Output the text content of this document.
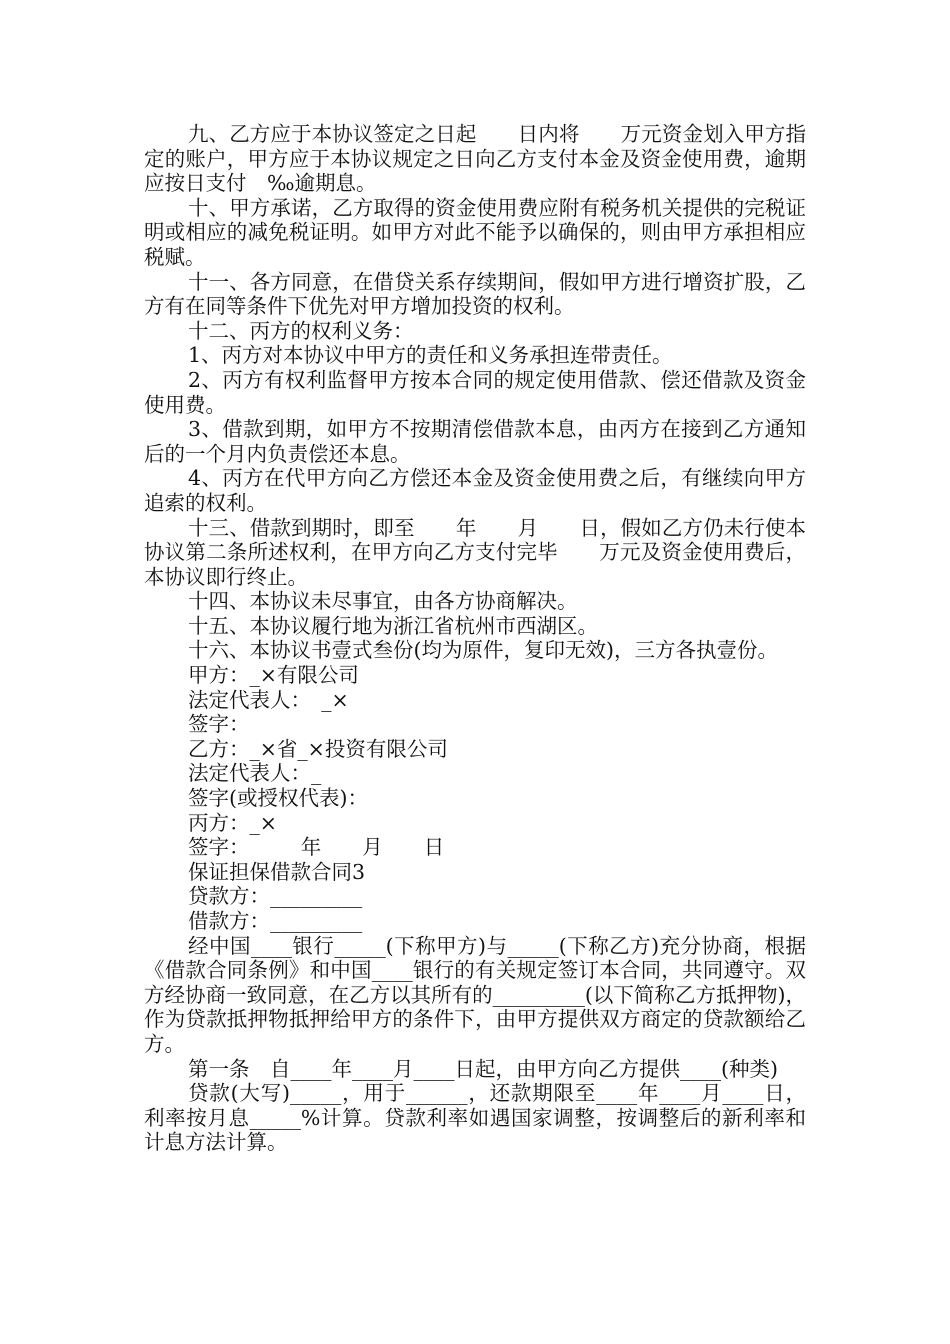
九、乙方应于本协议签定之日起　　日内将　　万元资金划入甲方指定的账户，甲方应于本协议规定之日向乙方支付本金及资金使用费，逾期应按日支付　‰逾期息。

十、甲方承诺，乙方取得的资金使用费应附有税务机关提供的完税证明或相应的减免税证明。如甲方对此不能予以确保的，则由甲方承担相应税赋。

十一、各方同意，在借贷关系存续期间，假如甲方进行增资扩股，乙方有在同等条件下优先对甲方增加投资的权利。

十二、丙方的权利义务：

1、丙方对本协议中甲方的责任和义务承担连带责任。

2、丙方有权利监督甲方按本合同的规定使用借款、偿还借款及资金使用费。

3、借款到期，如甲方不按期清偿借款本息，由丙方在接到乙方通知后的一个月内负责偿还本息。

4、丙方在代甲方向乙方偿还本金及资金使用费之后，有继续向甲方追索的权利。

十三、借款到期时，即至　　年　　月　　日，假如乙方仍未行使本协议第二条所述权利，在甲方向乙方支付完毕　　万元及资金使用费后，本协议即行终止。

十四、本协议未尽事宜，由各方协商解决。

十五、本协议履行地为浙江省杭州市西湖区。

十六、本协议书壹式叁份(均为原件，复印无效)，三方各执壹份。

甲方：_×有限公司

法定代表人：　_×

签字：

乙方：_×省_×投资有限公司

法定代表人：_

签字(或授权代表)：

丙方：_×

签字：　　　年　　月　　日

保证担保借款合同3

贷款方：_________

借款方：_________

经中国____银行_____(下称甲方)与_____(下称乙方)充分协商，根据《借款合同条例》和中国____银行的有关规定签订本合同，共同遵守。双方经协商一致同意，在乙方以其所有的_________(以下简称乙方抵押物)，作为贷款抵押物抵押给甲方的条件下，由甲方提供双方商定的贷款额给乙方。

第一条　自____年____月____日起，由甲方向乙方提供____(种类)

贷款(大写)_____，用于______，还款期限至____年____月____日，利率按月息_____%计算。贷款利率如遇国家调整，按调整后的新利率和计息方法计算。
